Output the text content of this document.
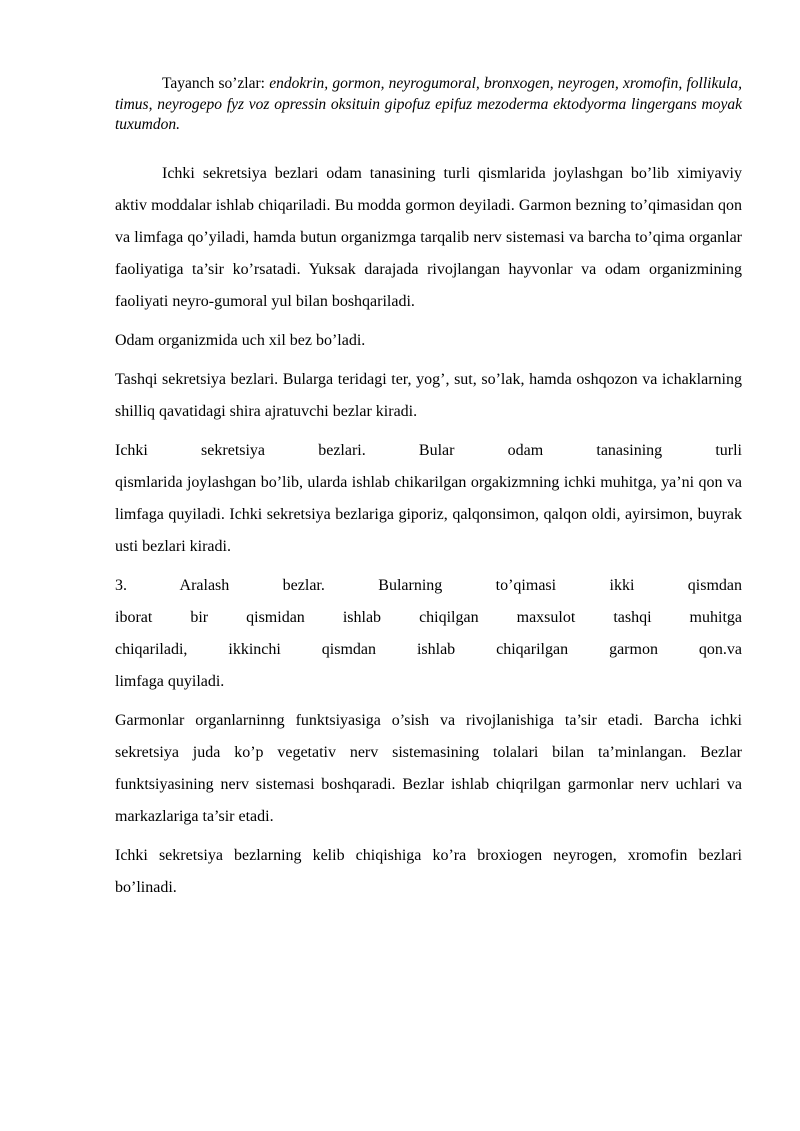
Tayanch so’zlar: endokrin, gormon, neyrogumoral, bronxogen, neyrogen, xromofin, follikula, timus, neyrogepo fyz voz opressin oksituin gipofuz epifuz mezoderma ektodyorma lingergans moyak tuxumdon.

Ichki sekretsiya bezlari odam tanasining turli qismlarida joylashgan bo’lib ximiyaviy aktiv moddalar ishlab chiqariladi. Bu modda gormon deyiladi. Garmon bezning to’qimasidan qon va limfaga qo’yiladi, hamda butun organizmga tarqalib nerv sistemasi va barcha to’qima organlar faoliyatiga ta’sir ko’rsatadi. Yuksak darajada rivojlangan hayvonlar va odam organizmining faoliyati neyro-gumoral yul bilan boshqariladi.

Odam organizmida uch xil bez bo’ladi.

Tashqi sekretsiya bezlari. Bularga teridagi ter, yog’, sut, so’lak, hamda oshqozon va ichaklarning shilliq qavatidagi shira ajratuvchi bezlar kiradi.

Ichki sekretsiya bezlari. Bular odam tanasining turli
qismlarida joylashgan bo’lib, ularda ishlab chikarilgan orgakizmning ichki muhitga, ya’ni qon va limfaga quyiladi. Ichki sekretsiya bezlariga giporiz, qalqonsimon, qalqon oldi, ayirsimon, buyrak usti bezlari kiradi.

3. Aralash bezlar. Bularning to’qimasi ikki qismdan
iborat bir qismidan ishlab chiqilgan maxsulot tashqi muhitga
chiqariladi, ikkinchi qismdan ishlab chiqarilgan garmon qon.va
limfaga quyiladi.

Garmonlar organlarninng funktsiyasiga o’sish va rivojlanishiga ta’sir etadi. Barcha ichki sekretsiya juda ko’p vegetativ nerv sistemasining tolalari bilan ta’minlangan. Bezlar funktsiyasining nerv sistemasi boshqaradi. Bezlar ishlab chiqrilgan garmonlar nerv uchlari va markazlariga ta’sir etadi.

Ichki sekretsiya bezlarning kelib chiqishiga ko’ra broxiogen neyrogen, xromofin bezlari bo’linadi.
